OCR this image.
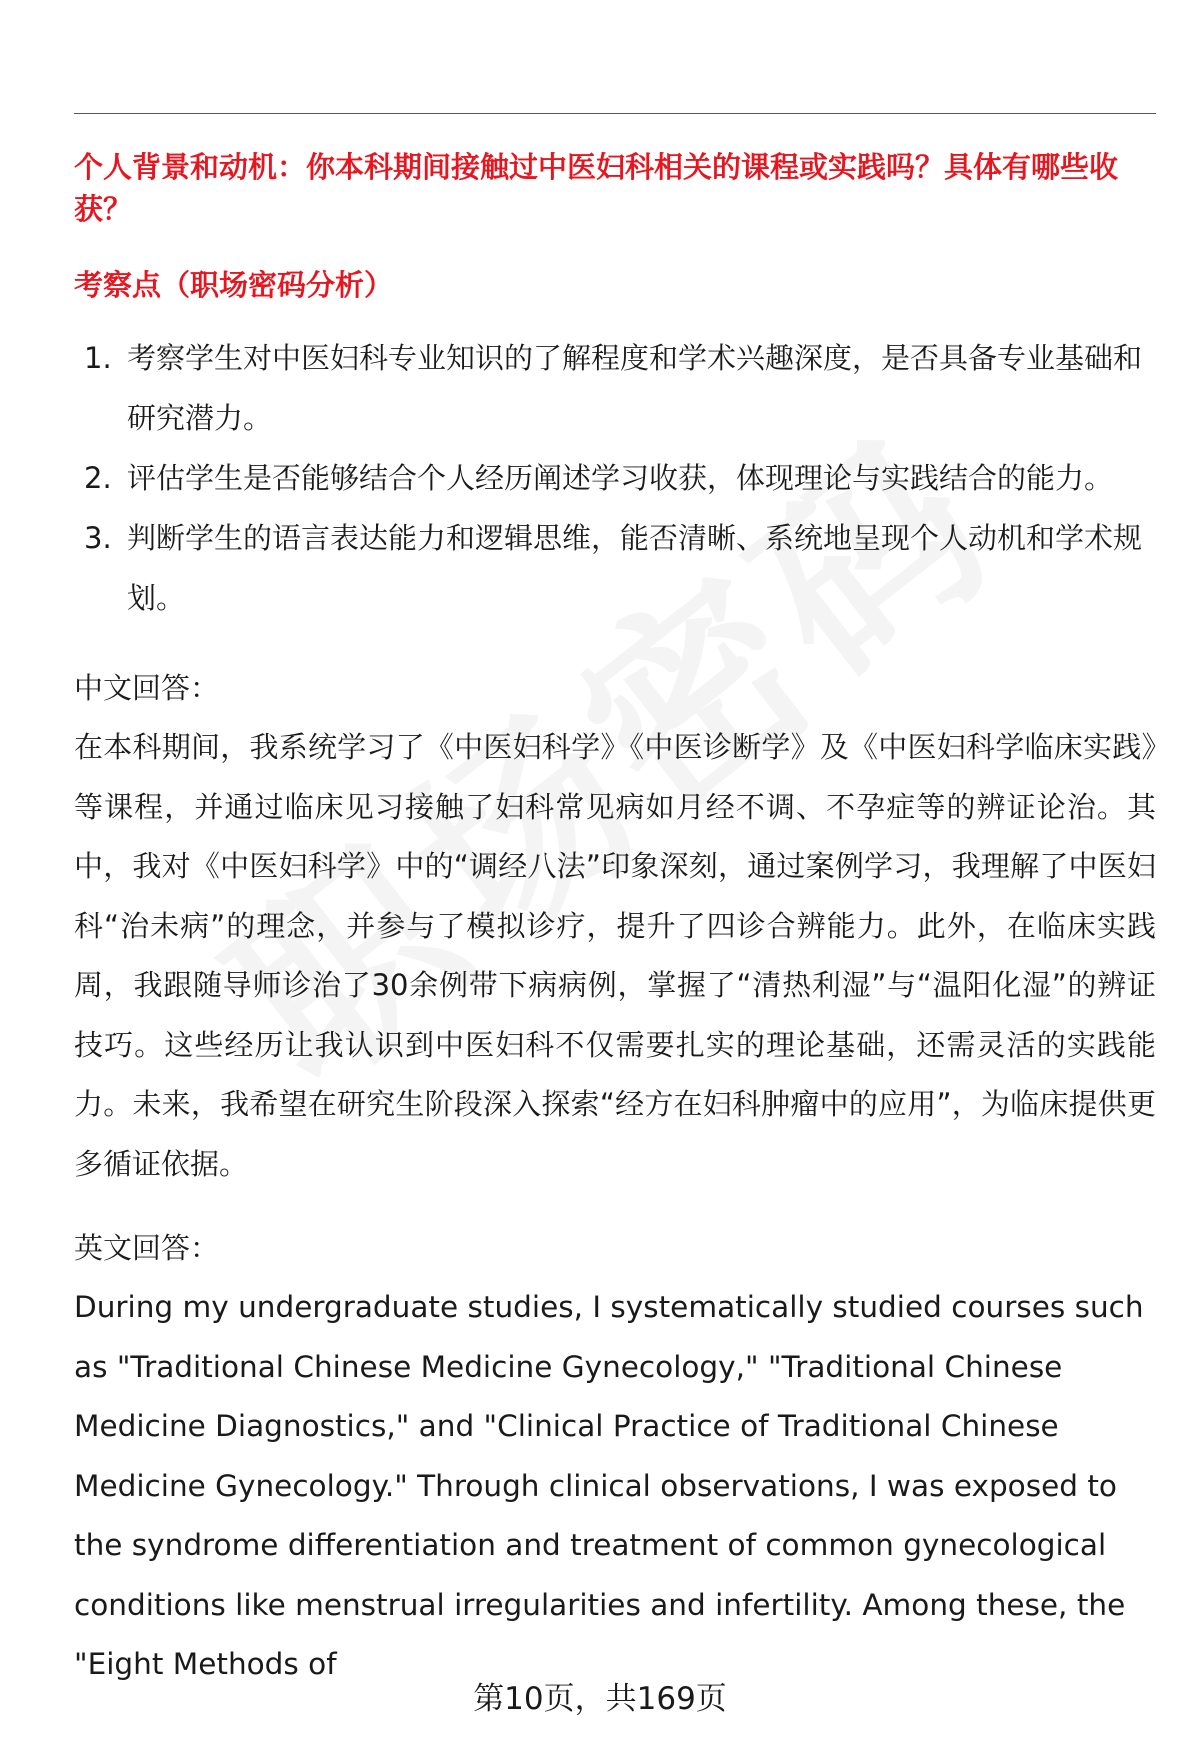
个人背景和动机：你本科期间接触过中医妇科相关的课程或实践吗？具体有哪些收获？

考察点（职场密码分析）

1. 考察学生对中医妇科专业知识的了解程度和学术兴趣深度，是否具备专业基础和研究潜力。
2. 评估学生是否能够结合个人经历阐述学习收获，体现理论与实践结合的能力。
3. 判断学生的语言表达能力和逻辑思维，能否清晰、系统地呈现个人动机和学术规划。

中文回答：

在本科期间，我系统学习了《中医妇科学》《中医诊断学》及《中医妇科学临床实践》等课程，并通过临床见习接触了妇科常见病如月经不调、不孕症等的辨证论治。其中，我对《中医妇科学》中的“调经八法”印象深刻，通过案例学习，我理解了中医妇科“治未病”的理念，并参与了模拟诊疗，提升了四诊合辨能力。此外，在临床实践周，我跟随导师诊治了30余例带下病病例，掌握了“清热利湿”与“温阳化湿”的辨证技巧。这些经历让我认识到中医妇科不仅需要扎实的理论基础，还需灵活的实践能力。未来，我希望在研究生阶段深入探索“经方在妇科肿瘤中的应用”，为临床提供更多循证依据。

英文回答：

During my undergraduate studies, I systematically studied courses such as "Traditional Chinese Medicine Gynecology," "Traditional Chinese Medicine Diagnostics," and "Clinical Practice of Traditional Chinese Medicine Gynecology." Through clinical observations, I was exposed to the syndrome differentiation and treatment of common gynecological conditions like menstrual irregularities and infertility. Among these, the "Eight Methods of

第10页，共169页
